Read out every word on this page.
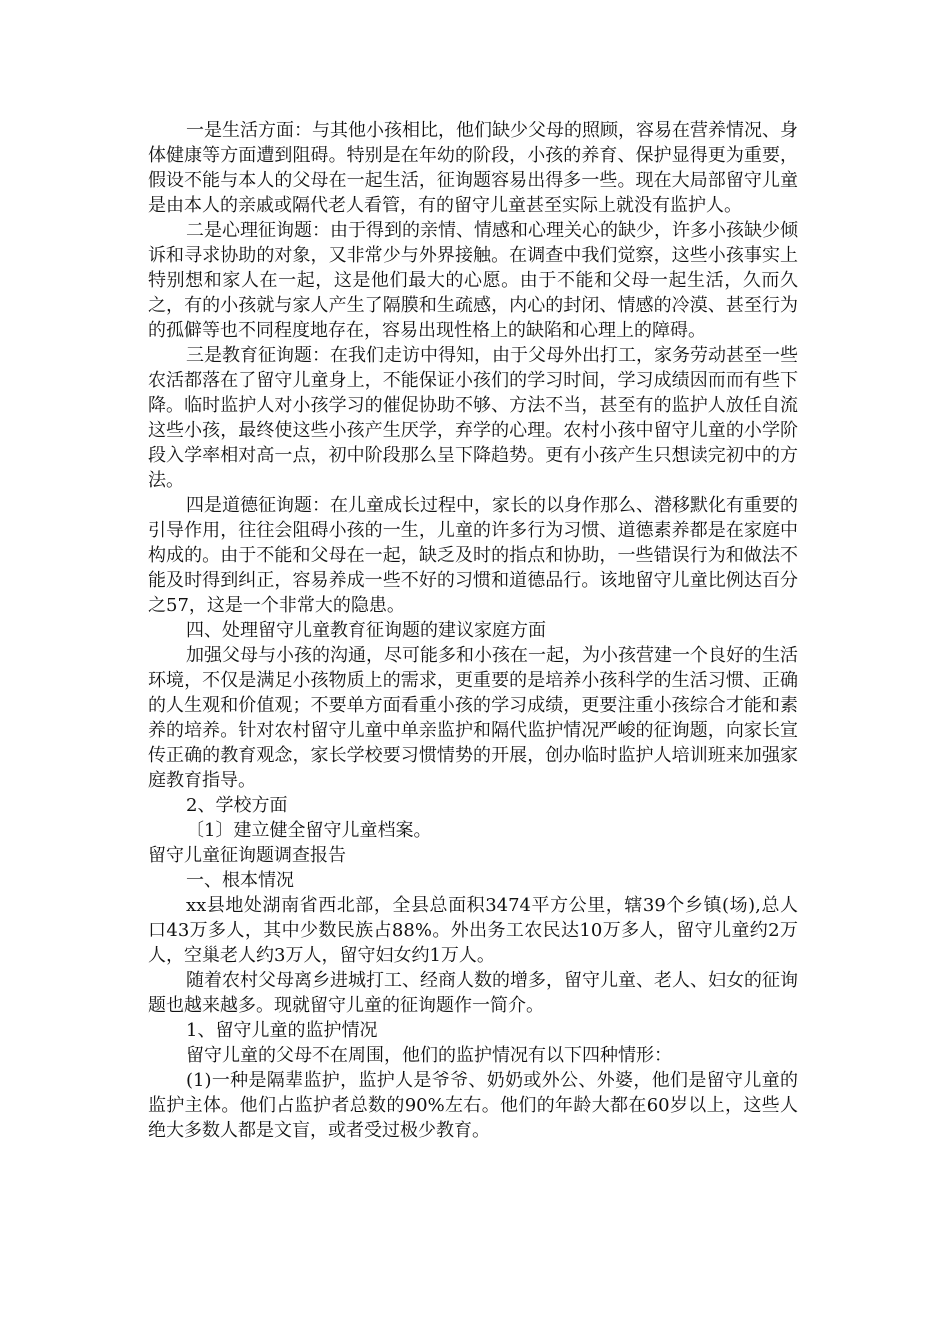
一是生活方面：与其他小孩相比，他们缺少父母的照顾，容易在营养情况、身体健康等方面遭到阻碍。特别是在年幼的阶段，小孩的养育、保护显得更为重要，假设不能与本人的父母在一起生活，征询题容易出得多一些。现在大局部留守儿童是由本人的亲戚或隔代老人看管，有的留守儿童甚至实际上就没有监护人。

二是心理征询题：由于得到的亲情、情感和心理关心的缺少，许多小孩缺少倾诉和寻求协助的对象，又非常少与外界接触。在调查中我们觉察，这些小孩事实上特别想和家人在一起，这是他们最大的心愿。由于不能和父母一起生活，久而久之，有的小孩就与家人产生了隔膜和生疏感，内心的封闭、情感的冷漠、甚至行为的孤僻等也不同程度地存在，容易出现性格上的缺陷和心理上的障碍。

三是教育征询题：在我们走访中得知，由于父母外出打工，家务劳动甚至一些农活都落在了留守儿童身上，不能保证小孩们的学习时间，学习成绩因而而有些下降。临时监护人对小孩学习的催促协助不够、方法不当，甚至有的监护人放任自流这些小孩，最终使这些小孩产生厌学，弃学的心理。农村小孩中留守儿童的小学阶段入学率相对高一点，初中阶段那么呈下降趋势。更有小孩产生只想读完初中的方法。

四是道德征询题：在儿童成长过程中，家长的以身作那么、潜移默化有重要的引导作用，往往会阻碍小孩的一生，儿童的许多行为习惯、道德素养都是在家庭中构成的。由于不能和父母在一起，缺乏及时的指点和协助，一些错误行为和做法不能及时得到纠正，容易养成一些不好的习惯和道德品行。该地留守儿童比例达百分之57，这是一个非常大的隐患。

四、处理留守儿童教育征询题的建议家庭方面

加强父母与小孩的沟通，尽可能多和小孩在一起，为小孩营建一个良好的生活环境，不仅是满足小孩物质上的需求，更重要的是培养小孩科学的生活习惯、正确的人生观和价值观；不要单方面看重小孩的学习成绩，更要注重小孩综合才能和素养的培养。针对农村留守儿童中单亲监护和隔代监护情况严峻的征询题，向家长宣传正确的教育观念，家长学校要习惯情势的开展，创办临时监护人培训班来加强家庭教育指导。

2、学校方面

〔1〕建立健全留守儿童档案。

留守儿童征询题调查报告

一、根本情况

xx县地处湖南省西北部，全县总面积3474平方公里，辖39个乡镇(场),总人口43万多人，其中少数民族占88%。外出务工农民达10万多人，留守儿童约2万人，空巢老人约3万人，留守妇女约1万人。

随着农村父母离乡进城打工、经商人数的增多，留守儿童、老人、妇女的征询题也越来越多。现就留守儿童的征询题作一简介。

1、留守儿童的监护情况

留守儿童的父母不在周围，他们的监护情况有以下四种情形：

(1)一种是隔辈监护，监护人是爷爷、奶奶或外公、外婆，他们是留守儿童的监护主体。他们占监护者总数的90%左右。他们的年龄大都在60岁以上，这些人绝大多数人都是文盲，或者受过极少教育。
